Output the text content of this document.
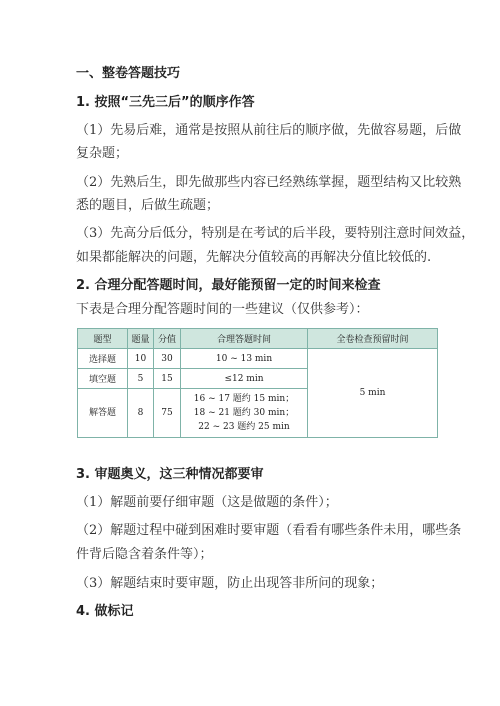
一、整卷答题技巧
1. 按照“三先三后”的顺序作答
（1）先易后难，通常是按照从前往后的顺序做，先做容易题，后做
复杂题；
（2）先熟后生，即先做那些内容已经熟练掌握，题型结构又比较熟
悉的题目，后做生疏题；
（3）先高分后低分，特别是在考试的后半段，要特别注意时间效益，
如果都能解决的问题，先解决分值较高的再解决分值比较低的.
2. 合理分配答题时间，最好能预留一定的时间来检查
下表是合理分配答题时间的一些建议（仅供参考）：
题型	题量	分值	合理答题时间	全卷检查预留时间
选择题	10	30	10 ~ 13 min	5 min
填空题	5	15	≤12 min	
解答题	8	75	16 ~ 17 题约 15 min；
18 ~ 21 题约 30 min；
22 ~ 23 题约 25 min	
3. 审题奥义，这三种情况都要审
（1）解题前要仔细审题（这是做题的条件）；
（2）解题过程中碰到困难时要审题（看看有哪些条件未用，哪些条
件背后隐含着条件等）；
（3）解题结束时要审题，防止出现答非所问的现象；
4. 做标记
